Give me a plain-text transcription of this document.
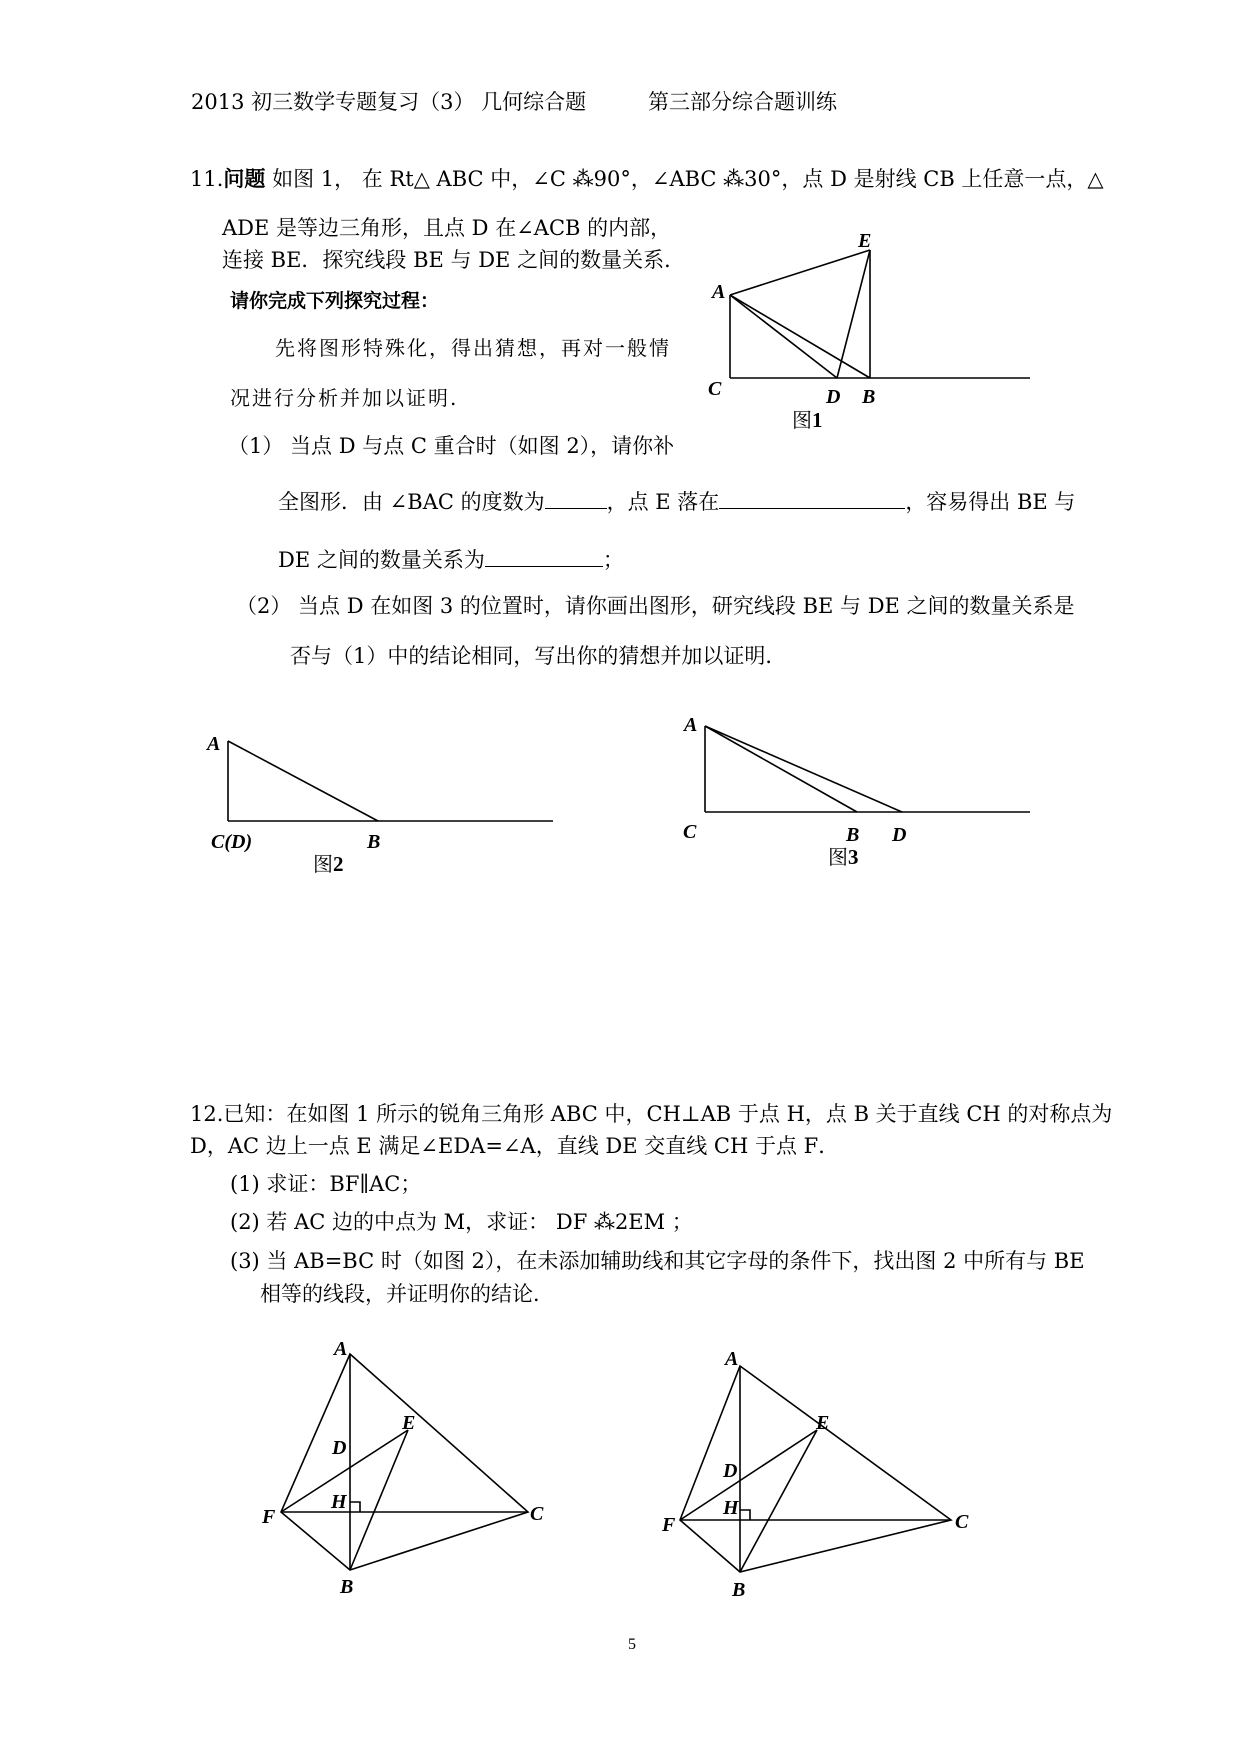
2013 初三数学专题复习（3） 几何综合题	第三部分综合题训练
11.问题 如图 1， 在 Rt△ ABC 中，∠C ⁂90°，∠ABC ⁂30°，点 D 是射线 CB 上任意一点，△
ADE 是等边三角形，且点 D 在∠ACB 的内部，
连接 BE．探究线段 BE 与 DE 之间的数量关系．
请你完成下列探究过程：
先将图形特殊化，得出猜想，再对一般情
况进行分析并加以证明.
（1） 当点 D 与点 C 重合时（如图 2），请你补
全图形．由 ∠BAC 的度数为	，点 E 落在	，容易得出 BE 与
DE 之间的数量关系为	；
（2） 当点 D 在如图 3 的位置时，请你画出图形，研究线段 BE 与 DE 之间的数量关系是
否与（1）中的结论相同，写出你的猜想并加以证明．
A
E
C	D B
图1
A
C(D)	B
图2
A
C	B D
图3
12.已知：在如图 1 所示的锐角三角形 ABC 中，CH⊥AB 于点 H，点 B 关于直线 CH 的对称点为
D，AC 边上一点 E 满足∠EDA=∠A，直线 DE 交直线 CH 于点 F．
(1) 求证：BF∥AC；
(2) 若 AC 边的中点为 M，求证： DF ⁂2EM ；
(3) 当 AB=BC 时（如图 2），在未添加辅助线和其它字母的条件下，找出图 2 中所有与 BE
相等的线段，并证明你的结论．
A
E
D
F
H
C
B
A
E
D
F
H
C
B
5
